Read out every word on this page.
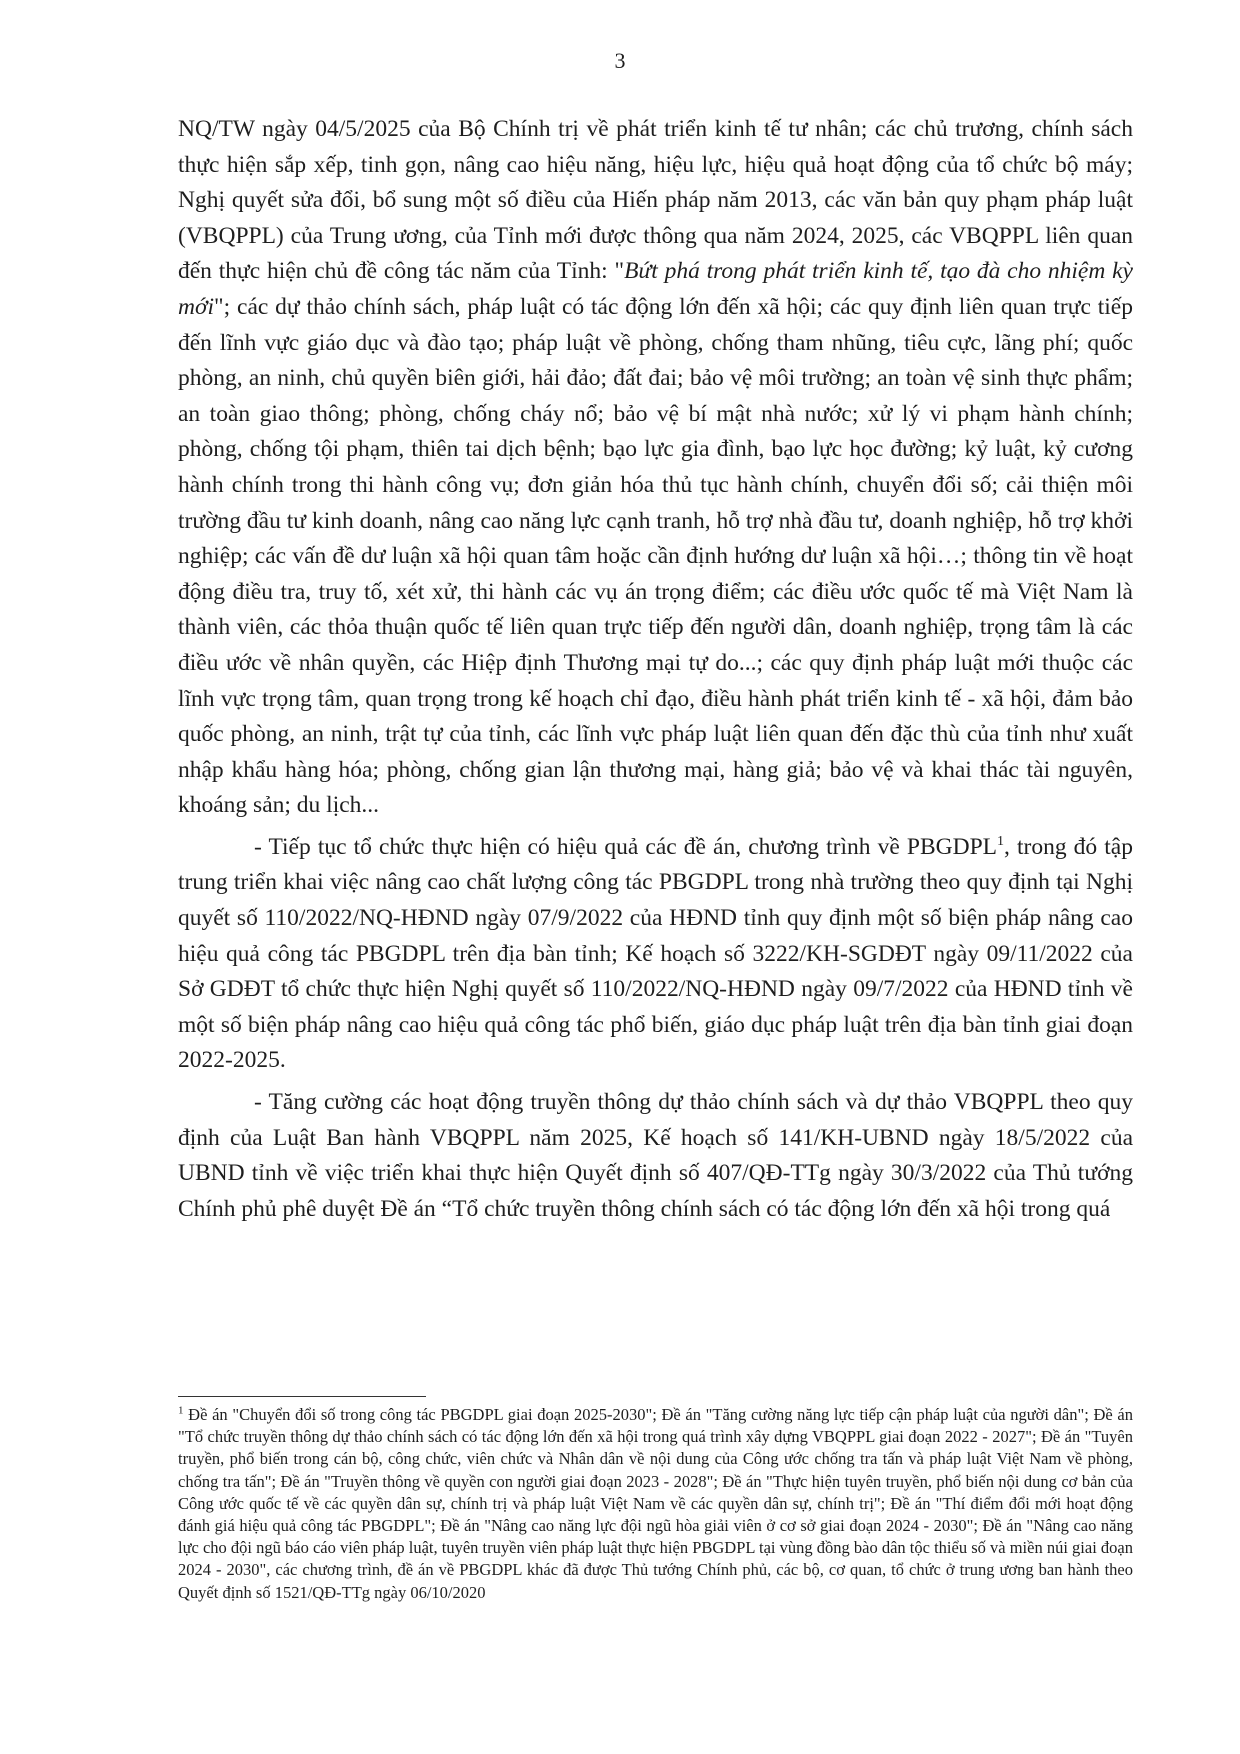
3

NQ/TW ngày 04/5/2025 của Bộ Chính trị về phát triển kinh tế tư nhân; các chủ trương, chính sách thực hiện sắp xếp, tinh gọn, nâng cao hiệu năng, hiệu lực, hiệu quả hoạt động của tổ chức bộ máy; Nghị quyết sửa đổi, bổ sung một số điều của Hiến pháp năm 2013, các văn bản quy phạm pháp luật (VBQPPL) của Trung ương, của Tỉnh mới được thông qua năm 2024, 2025, các VBQPPL liên quan đến thực hiện chủ đề công tác năm của Tỉnh: "Bứt phá trong phát triển kinh tế, tạo đà cho nhiệm kỳ mới"; các dự thảo chính sách, pháp luật có tác động lớn đến xã hội; các quy định liên quan trực tiếp đến lĩnh vực giáo dục và đào tạo; pháp luật về phòng, chống tham nhũng, tiêu cực, lãng phí; quốc phòng, an ninh, chủ quyền biên giới, hải đảo; đất đai; bảo vệ môi trường; an toàn vệ sinh thực phẩm; an toàn giao thông; phòng, chống cháy nổ; bảo vệ bí mật nhà nước; xử lý vi phạm hành chính; phòng, chống tội phạm, thiên tai dịch bệnh; bạo lực gia đình, bạo lực học đường; kỷ luật, kỷ cương hành chính trong thi hành công vụ; đơn giản hóa thủ tục hành chính, chuyển đổi số; cải thiện môi trường đầu tư kinh doanh, nâng cao năng lực cạnh tranh, hỗ trợ nhà đầu tư, doanh nghiệp, hỗ trợ khởi nghiệp; các vấn đề dư luận xã hội quan tâm hoặc cần định hướng dư luận xã hội…; thông tin về hoạt động điều tra, truy tố, xét xử, thi hành các vụ án trọng điểm; các điều ước quốc tế mà Việt Nam là thành viên, các thỏa thuận quốc tế liên quan trực tiếp đến người dân, doanh nghiệp, trọng tâm là các điều ước về nhân quyền, các Hiệp định Thương mại tự do...; các quy định pháp luật mới thuộc các lĩnh vực trọng tâm, quan trọng trong kế hoạch chỉ đạo, điều hành phát triển kinh tế - xã hội, đảm bảo quốc phòng, an ninh, trật tự của tỉnh, các lĩnh vực pháp luật liên quan đến đặc thù của tỉnh như xuất nhập khẩu hàng hóa; phòng, chống gian lận thương mại, hàng giả; bảo vệ và khai thác tài nguyên, khoáng sản; du lịch...

- Tiếp tục tổ chức thực hiện có hiệu quả các đề án, chương trình về PBGDPL$^1$, trong đó tập trung triển khai việc nâng cao chất lượng công tác PBGDPL trong nhà trường theo quy định tại Nghị quyết số 110/2022/NQ-HĐND ngày 07/9/2022 của HĐND tỉnh quy định một số biện pháp nâng cao hiệu quả công tác PBGDPL trên địa bàn tỉnh; Kế hoạch số 3222/KH-SGDĐT ngày 09/11/2022 của Sở GDĐT tổ chức thực hiện Nghị quyết số 110/2022/NQ-HĐND ngày 09/7/2022 của HĐND tỉnh về một số biện pháp nâng cao hiệu quả công tác phổ biến, giáo dục pháp luật trên địa bàn tỉnh giai đoạn 2022-2025.

- Tăng cường các hoạt động truyền thông dự thảo chính sách và dự thảo VBQPPL theo quy định của Luật Ban hành VBQPPL năm 2025, Kế hoạch số 141/KH-UBND ngày 18/5/2022 của UBND tỉnh về việc triển khai thực hiện Quyết định số 407/QĐ-TTg ngày 30/3/2022 của Thủ tướng Chính phủ phê duyệt Đề án “Tổ chức truyền thông chính sách có tác động lớn đến xã hội trong quá

$^1$ Đề án "Chuyển đổi số trong công tác PBGDPL giai đoạn 2025-2030"; Đề án "Tăng cường năng lực tiếp cận pháp luật của người dân"; Đề án "Tổ chức truyền thông dự thảo chính sách có tác động lớn đến xã hội trong quá trình xây dựng VBQPPL giai đoạn 2022 - 2027"; Đề án "Tuyên truyền, phổ biến trong cán bộ, công chức, viên chức và Nhân dân về nội dung của Công ước chống tra tấn và pháp luật Việt Nam về phòng, chống tra tấn"; Đề án "Truyền thông về quyền con người giai đoạn 2023 - 2028"; Đề án "Thực hiện tuyên truyền, phổ biến nội dung cơ bản của Công ước quốc tế về các quyền dân sự, chính trị và pháp luật Việt Nam về các quyền dân sự, chính trị"; Đề án "Thí điểm đổi mới hoạt động đánh giá hiệu quả công tác PBGDPL"; Đề án "Nâng cao năng lực đội ngũ hòa giải viên ở cơ sở giai đoạn 2024 - 2030"; Đề án "Nâng cao năng lực cho đội ngũ báo cáo viên pháp luật, tuyên truyền viên pháp luật thực hiện PBGDPL tại vùng đồng bào dân tộc thiểu số và miền núi giai đoạn 2024 - 2030", các chương trình, đề án về PBGDPL khác đã được Thủ tướng Chính phủ, các bộ, cơ quan, tổ chức ở trung ương ban hành theo Quyết định số 1521/QĐ-TTg ngày 06/10/2020
